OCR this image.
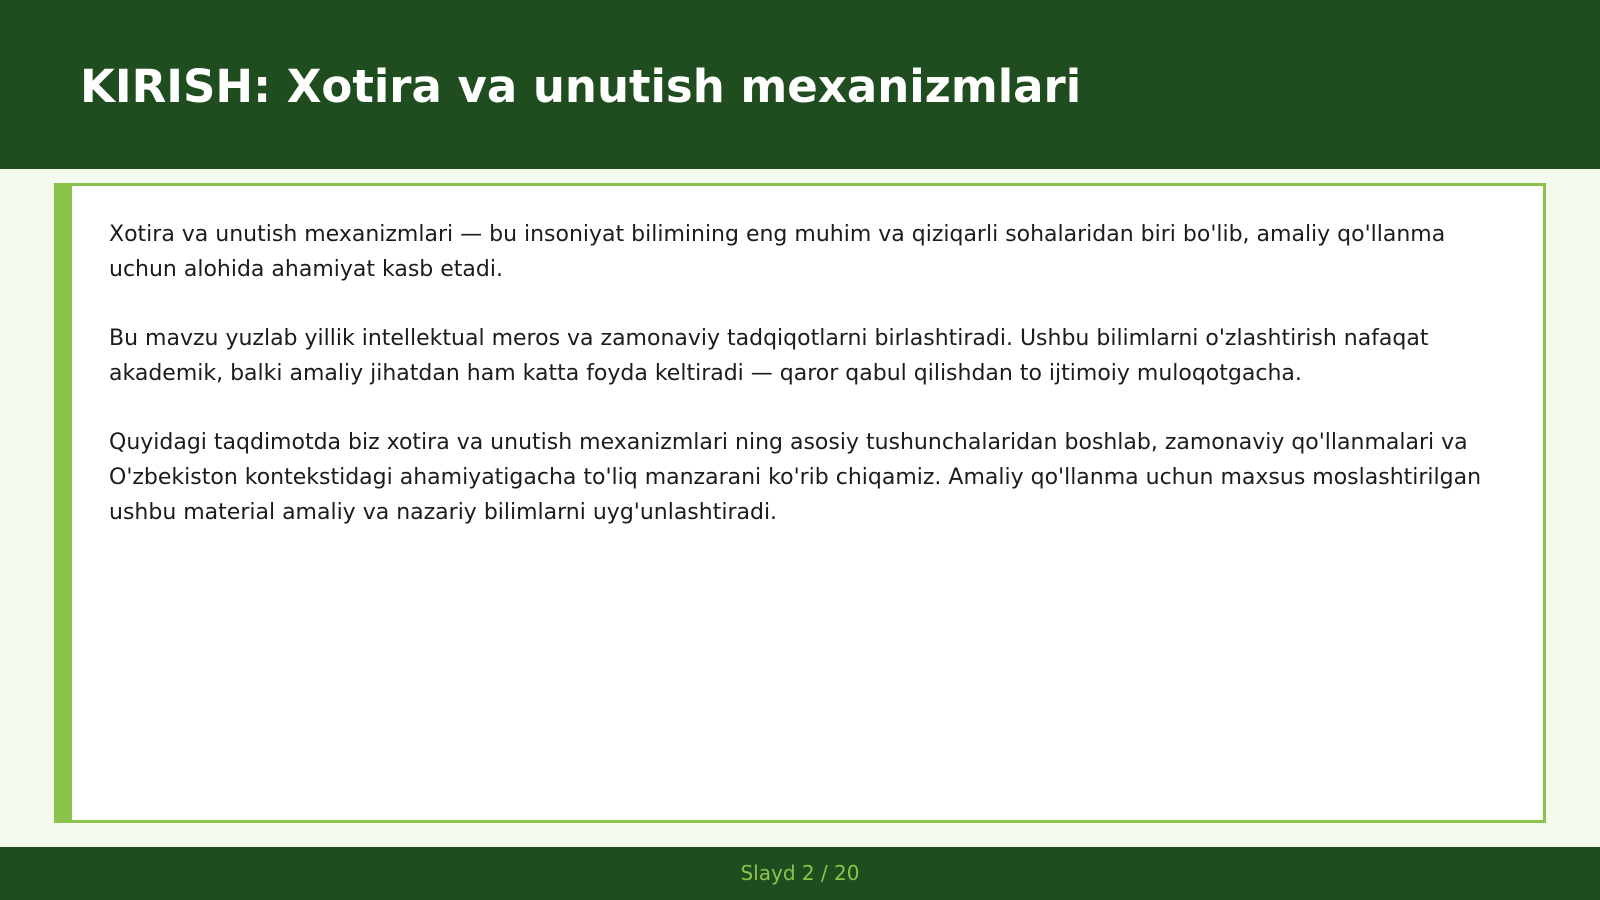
KIRISH: Xotira va unutish mexanizmlari

Xotira va unutish mexanizmlari — bu insoniyat bilimining eng muhim va qiziqarli sohalaridan biri bo'lib, amaliy qo'llanma uchun alohida ahamiyat kasb etadi.

Bu mavzu yuzlab yillik intellektual meros va zamonaviy tadqiqotlarni birlashtiradi. Ushbu bilimlarni o'zlashtirish nafaqat akademik, balki amaliy jihatdan ham katta foyda keltiradi — qaror qabul qilishdan to ijtimoiy muloqotgacha.

Quyidagi taqdimotda biz xotira va unutish mexanizmlari ning asosiy tushunchalaridan boshlab, zamonaviy qo'llanmalari va O'zbekiston kontekstidagi ahamiyatigacha to'liq manzarani ko'rib chiqamiz. Amaliy qo'llanma uchun maxsus moslashtirilgan ushbu material amaliy va nazariy bilimlarni uyg'unlashtiradi.

Slayd 2 / 20
